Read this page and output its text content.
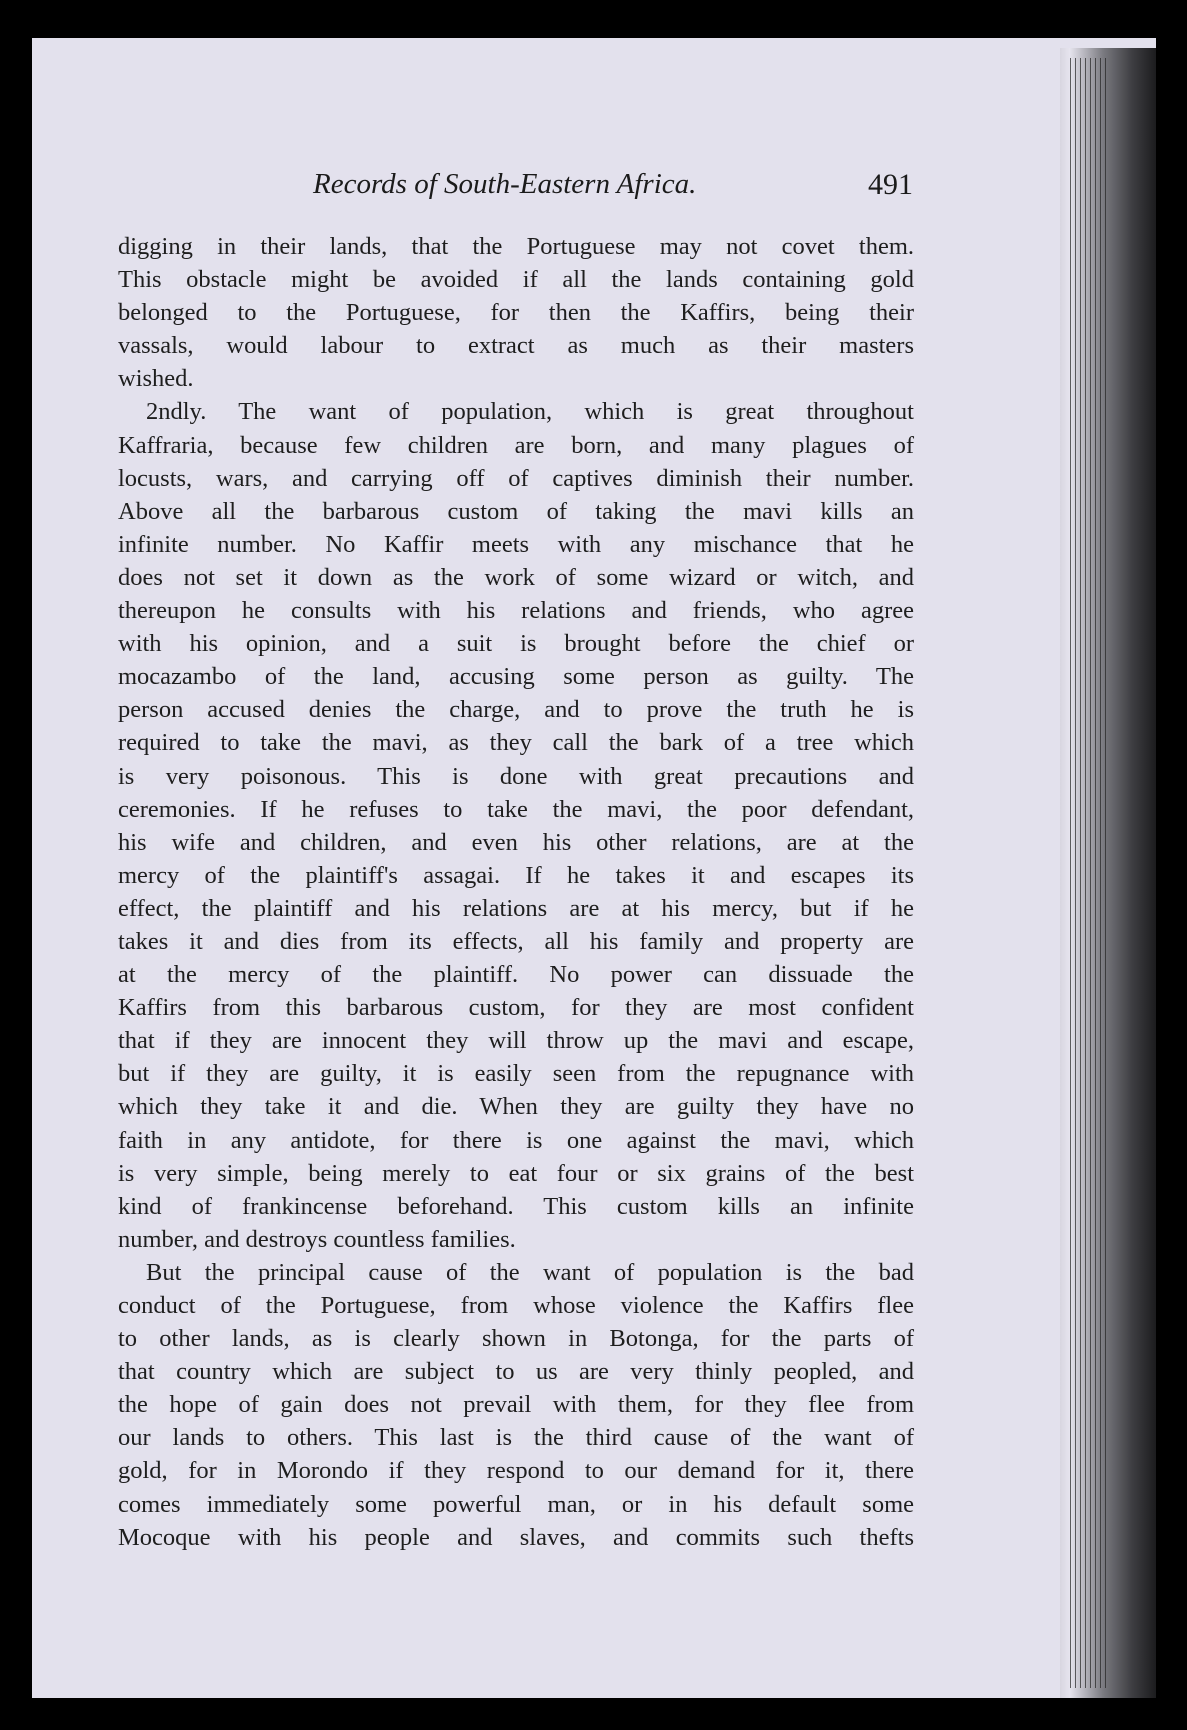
Records of South-Eastern Africa.	491
digging in their lands, that the Portuguese may not covet them.
This obstacle might be avoided if all the lands containing gold
belonged to the Portuguese, for then the Kaffirs, being their
vassals, would labour to extract as much as their masters
wished.
2ndly. The want of population, which is great throughout
Kaffraria, because few children are born, and many plagues of
locusts, wars, and carrying off of captives diminish their number.
Above all the barbarous custom of taking the mavi kills an
infinite number. No Kaffir meets with any mischance that he
does not set it down as the work of some wizard or witch, and
thereupon he consults with his relations and friends, who agree
with his opinion, and a suit is brought before the chief or
mocazambo of the land, accusing some person as guilty. The
person accused denies the charge, and to prove the truth he is
required to take the mavi, as they call the bark of a tree which
is very poisonous. This is done with great precautions and
ceremonies. If he refuses to take the mavi, the poor defendant,
his wife and children, and even his other relations, are at the
mercy of the plaintiff's assagai. If he takes it and escapes its
effect, the plaintiff and his relations are at his mercy, but if he
takes it and dies from its effects, all his family and property are
at the mercy of the plaintiff. No power can dissuade the
Kaffirs from this barbarous custom, for they are most confident
that if they are innocent they will throw up the mavi and escape,
but if they are guilty, it is easily seen from the repugnance with
which they take it and die. When they are guilty they have no
faith in any antidote, for there is one against the mavi, which
is very simple, being merely to eat four or six grains of the best
kind of frankincense beforehand. This custom kills an infinite
number, and destroys countless families.
But the principal cause of the want of population is the bad
conduct of the Portuguese, from whose violence the Kaffirs flee
to other lands, as is clearly shown in Botonga, for the parts of
that country which are subject to us are very thinly peopled, and
the hope of gain does not prevail with them, for they flee from
our lands to others. This last is the third cause of the want of
gold, for in Morondo if they respond to our demand for it, there
comes immediately some powerful man, or in his default some
Mocoque with his people and slaves, and commits such thefts
